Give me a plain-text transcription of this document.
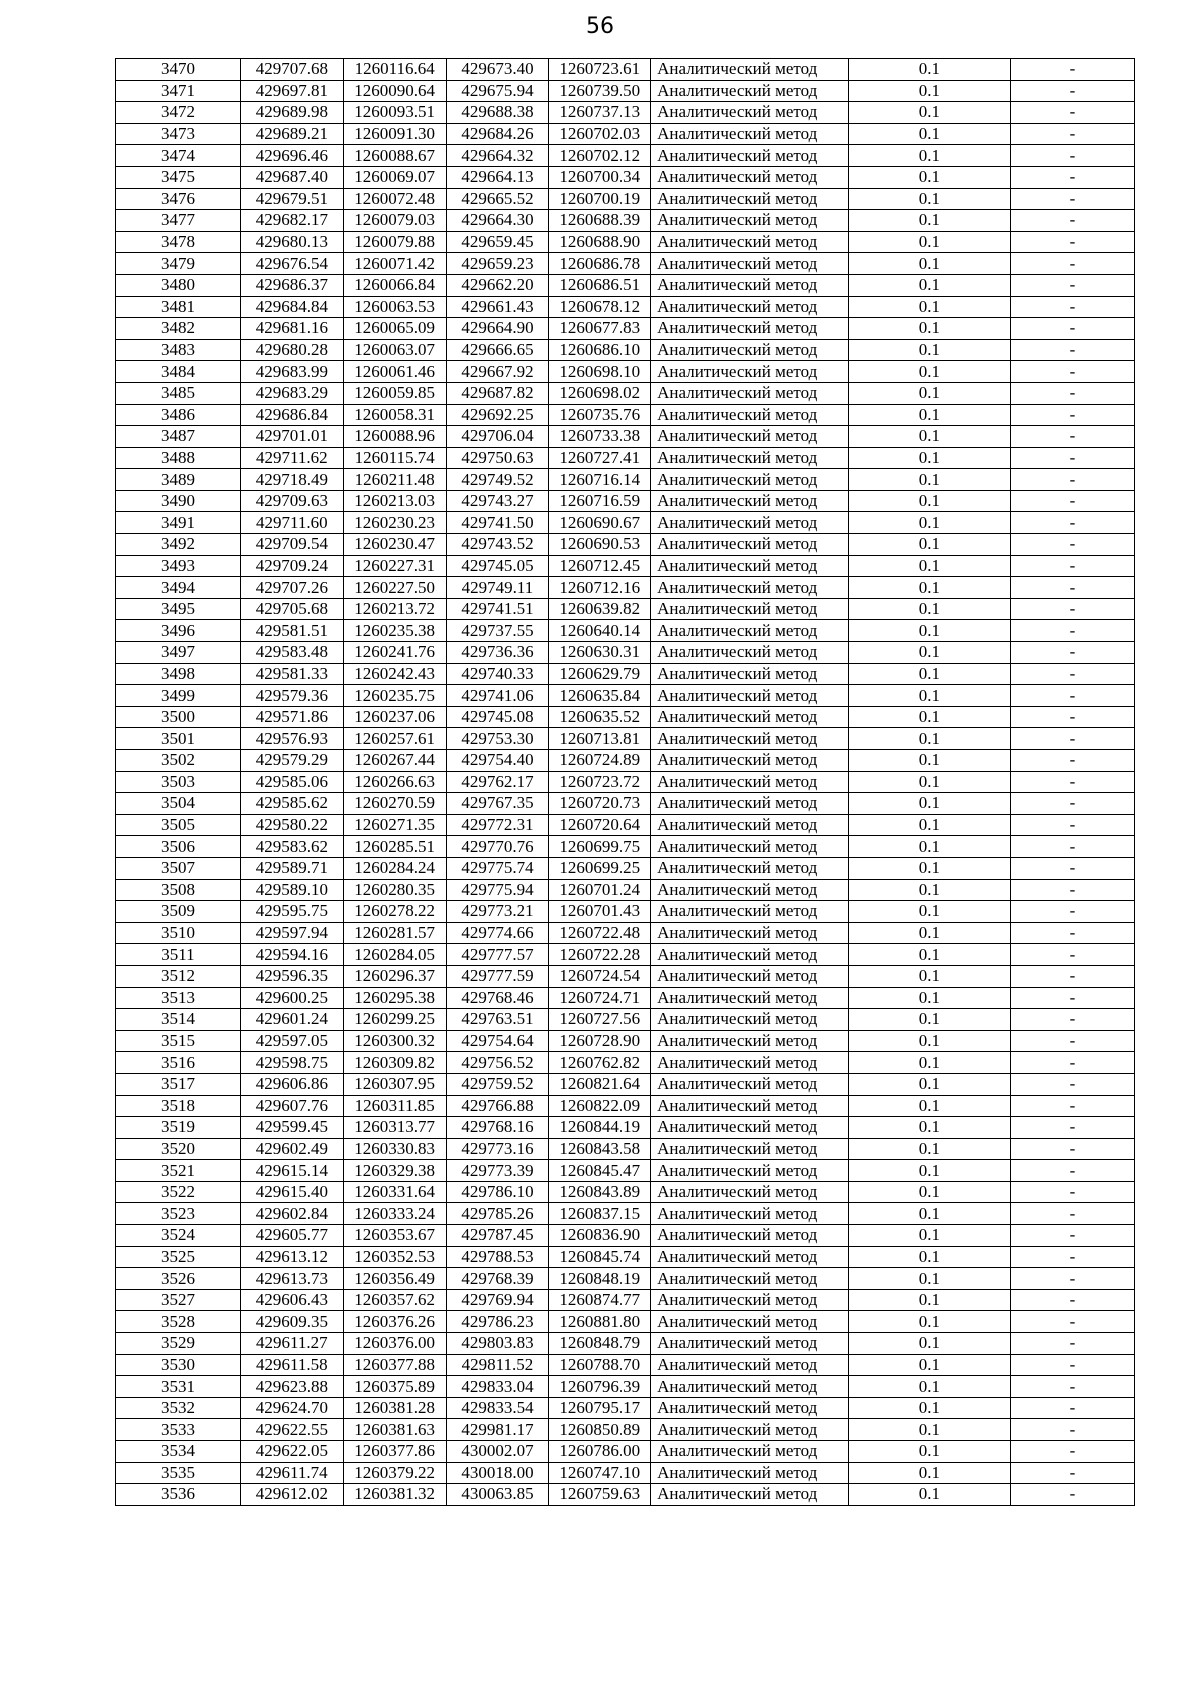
56
3470	429707.68	1260116.64	429673.40	1260723.61	Аналитический метод	0.1	-
3471	429697.81	1260090.64	429675.94	1260739.50	Аналитический метод	0.1	-
3472	429689.98	1260093.51	429688.38	1260737.13	Аналитический метод	0.1	-
3473	429689.21	1260091.30	429684.26	1260702.03	Аналитический метод	0.1	-
3474	429696.46	1260088.67	429664.32	1260702.12	Аналитический метод	0.1	-
3475	429687.40	1260069.07	429664.13	1260700.34	Аналитический метод	0.1	-
3476	429679.51	1260072.48	429665.52	1260700.19	Аналитический метод	0.1	-
3477	429682.17	1260079.03	429664.30	1260688.39	Аналитический метод	0.1	-
3478	429680.13	1260079.88	429659.45	1260688.90	Аналитический метод	0.1	-
3479	429676.54	1260071.42	429659.23	1260686.78	Аналитический метод	0.1	-
3480	429686.37	1260066.84	429662.20	1260686.51	Аналитический метод	0.1	-
3481	429684.84	1260063.53	429661.43	1260678.12	Аналитический метод	0.1	-
3482	429681.16	1260065.09	429664.90	1260677.83	Аналитический метод	0.1	-
3483	429680.28	1260063.07	429666.65	1260686.10	Аналитический метод	0.1	-
3484	429683.99	1260061.46	429667.92	1260698.10	Аналитический метод	0.1	-
3485	429683.29	1260059.85	429687.82	1260698.02	Аналитический метод	0.1	-
3486	429686.84	1260058.31	429692.25	1260735.76	Аналитический метод	0.1	-
3487	429701.01	1260088.96	429706.04	1260733.38	Аналитический метод	0.1	-
3488	429711.62	1260115.74	429750.63	1260727.41	Аналитический метод	0.1	-
3489	429718.49	1260211.48	429749.52	1260716.14	Аналитический метод	0.1	-
3490	429709.63	1260213.03	429743.27	1260716.59	Аналитический метод	0.1	-
3491	429711.60	1260230.23	429741.50	1260690.67	Аналитический метод	0.1	-
3492	429709.54	1260230.47	429743.52	1260690.53	Аналитический метод	0.1	-
3493	429709.24	1260227.31	429745.05	1260712.45	Аналитический метод	0.1	-
3494	429707.26	1260227.50	429749.11	1260712.16	Аналитический метод	0.1	-
3495	429705.68	1260213.72	429741.51	1260639.82	Аналитический метод	0.1	-
3496	429581.51	1260235.38	429737.55	1260640.14	Аналитический метод	0.1	-
3497	429583.48	1260241.76	429736.36	1260630.31	Аналитический метод	0.1	-
3498	429581.33	1260242.43	429740.33	1260629.79	Аналитический метод	0.1	-
3499	429579.36	1260235.75	429741.06	1260635.84	Аналитический метод	0.1	-
3500	429571.86	1260237.06	429745.08	1260635.52	Аналитический метод	0.1	-
3501	429576.93	1260257.61	429753.30	1260713.81	Аналитический метод	0.1	-
3502	429579.29	1260267.44	429754.40	1260724.89	Аналитический метод	0.1	-
3503	429585.06	1260266.63	429762.17	1260723.72	Аналитический метод	0.1	-
3504	429585.62	1260270.59	429767.35	1260720.73	Аналитический метод	0.1	-
3505	429580.22	1260271.35	429772.31	1260720.64	Аналитический метод	0.1	-
3506	429583.62	1260285.51	429770.76	1260699.75	Аналитический метод	0.1	-
3507	429589.71	1260284.24	429775.74	1260699.25	Аналитический метод	0.1	-
3508	429589.10	1260280.35	429775.94	1260701.24	Аналитический метод	0.1	-
3509	429595.75	1260278.22	429773.21	1260701.43	Аналитический метод	0.1	-
3510	429597.94	1260281.57	429774.66	1260722.48	Аналитический метод	0.1	-
3511	429594.16	1260284.05	429777.57	1260722.28	Аналитический метод	0.1	-
3512	429596.35	1260296.37	429777.59	1260724.54	Аналитический метод	0.1	-
3513	429600.25	1260295.38	429768.46	1260724.71	Аналитический метод	0.1	-
3514	429601.24	1260299.25	429763.51	1260727.56	Аналитический метод	0.1	-
3515	429597.05	1260300.32	429754.64	1260728.90	Аналитический метод	0.1	-
3516	429598.75	1260309.82	429756.52	1260762.82	Аналитический метод	0.1	-
3517	429606.86	1260307.95	429759.52	1260821.64	Аналитический метод	0.1	-
3518	429607.76	1260311.85	429766.88	1260822.09	Аналитический метод	0.1	-
3519	429599.45	1260313.77	429768.16	1260844.19	Аналитический метод	0.1	-
3520	429602.49	1260330.83	429773.16	1260843.58	Аналитический метод	0.1	-
3521	429615.14	1260329.38	429773.39	1260845.47	Аналитический метод	0.1	-
3522	429615.40	1260331.64	429786.10	1260843.89	Аналитический метод	0.1	-
3523	429602.84	1260333.24	429785.26	1260837.15	Аналитический метод	0.1	-
3524	429605.77	1260353.67	429787.45	1260836.90	Аналитический метод	0.1	-
3525	429613.12	1260352.53	429788.53	1260845.74	Аналитический метод	0.1	-
3526	429613.73	1260356.49	429768.39	1260848.19	Аналитический метод	0.1	-
3527	429606.43	1260357.62	429769.94	1260874.77	Аналитический метод	0.1	-
3528	429609.35	1260376.26	429786.23	1260881.80	Аналитический метод	0.1	-
3529	429611.27	1260376.00	429803.83	1260848.79	Аналитический метод	0.1	-
3530	429611.58	1260377.88	429811.52	1260788.70	Аналитический метод	0.1	-
3531	429623.88	1260375.89	429833.04	1260796.39	Аналитический метод	0.1	-
3532	429624.70	1260381.28	429833.54	1260795.17	Аналитический метод	0.1	-
3533	429622.55	1260381.63	429981.17	1260850.89	Аналитический метод	0.1	-
3534	429622.05	1260377.86	430002.07	1260786.00	Аналитический метод	0.1	-
3535	429611.74	1260379.22	430018.00	1260747.10	Аналитический метод	0.1	-
3536	429612.02	1260381.32	430063.85	1260759.63	Аналитический метод	0.1	-
